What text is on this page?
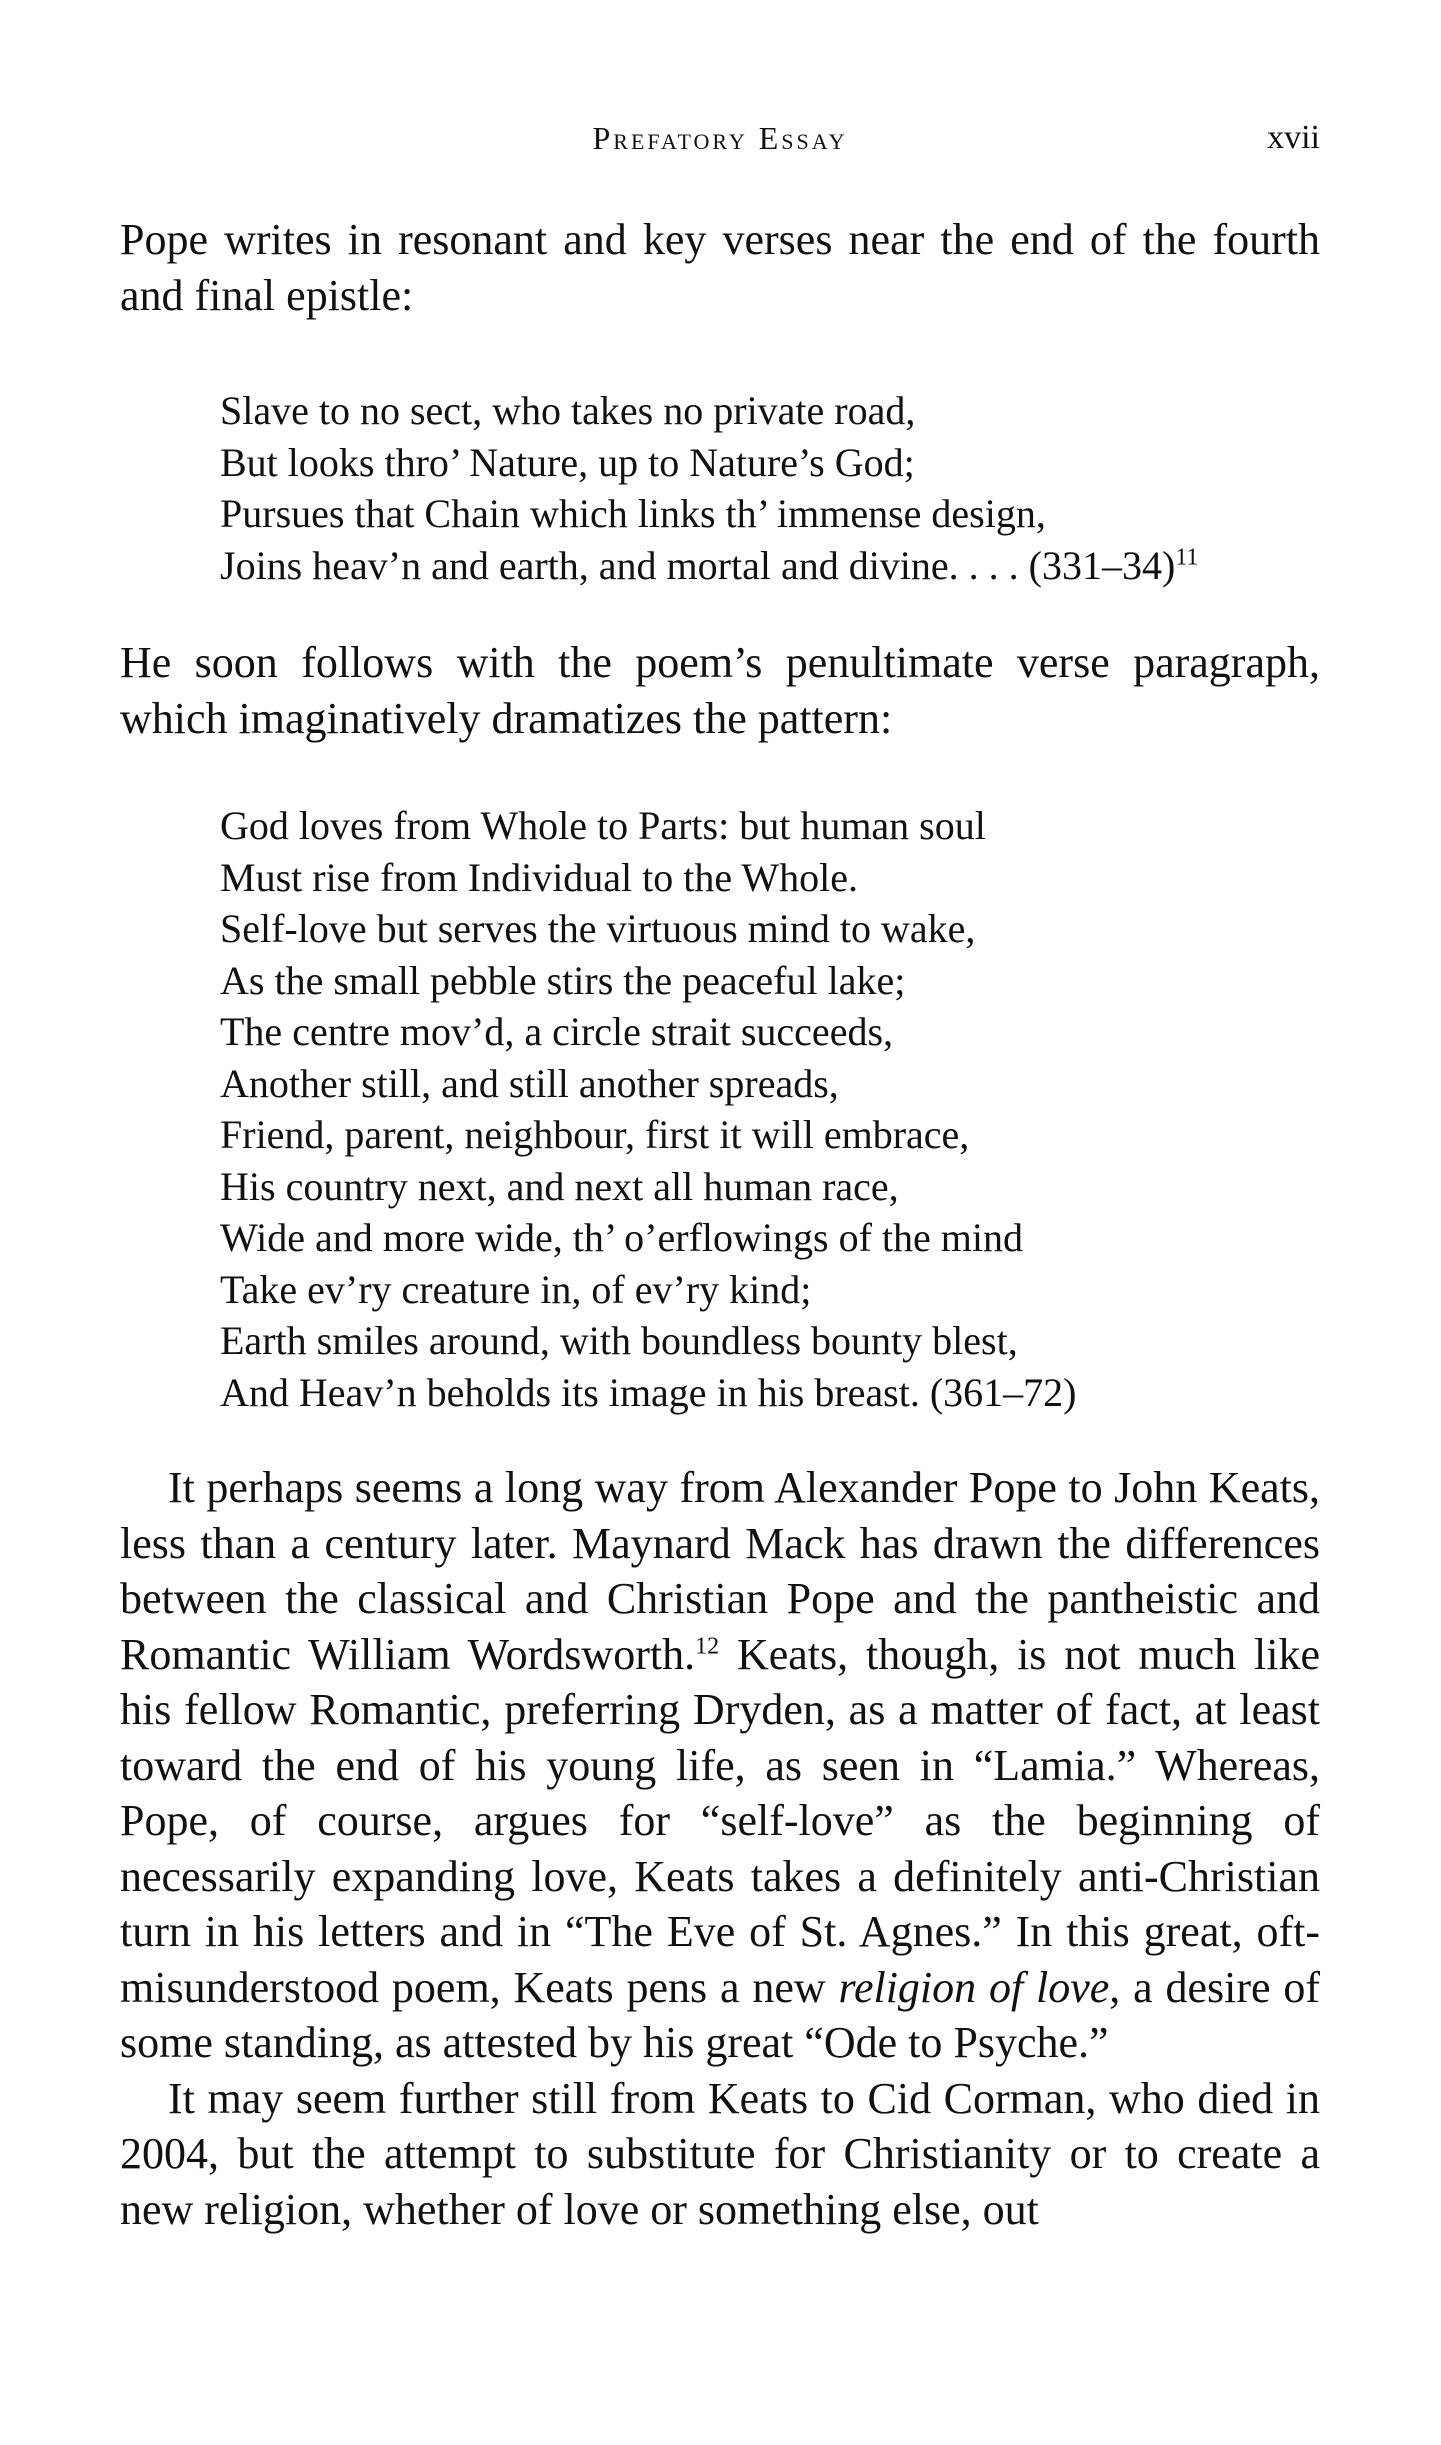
Prefatory Essay	xvii

Pope writes in resonant and key verses near the end of the fourth and final epistle:

Slave to no sect, who takes no private road,
But looks thro’ Nature, up to Nature’s God;
Pursues that Chain which links th’ immense design,
Joins heav’n and earth, and mortal and divine. . . . $(331-34)^{11}$

He soon follows with the poem’s penultimate verse paragraph, which imaginatively dramatizes the pattern:

God loves from Whole to Parts: but human soul
Must rise from Individual to the Whole.
Self-love but serves the virtuous mind to wake,
As the small pebble stirs the peaceful lake;
The centre mov’d, a circle strait succeeds,
Another still, and still another spreads,
Friend, parent, neighbour, first it will embrace,
His country next, and next all human race,
Wide and more wide, th’ o’erflowings of the mind
Take ev’ry creature in, of ev’ry kind;
Earth smiles around, with boundless bounty blest,
And Heav’n beholds its image in his breast. (361–72)

It perhaps seems a long way from Alexander Pope to John Keats, less than a century later. Maynard Mack has drawn the differences between the classical and Christian Pope and the pantheistic and Romantic William Wordsworth.$^{12}$ Keats, though, is not much like his fellow Romantic, preferring Dryden, as a matter of fact, at least toward the end of his young life, as seen in “Lamia.” Whereas, Pope, of course, argues for “self-love” as the beginning of necessarily expanding love, Keats takes a definitely anti-Christian turn in his letters and in “The Eve of St. Agnes.” In this great, oft-misunderstood poem, Keats pens a new religion of love, a desire of some standing, as attested by his great “Ode to Psyche.”

It may seem further still from Keats to Cid Corman, who died in 2004, but the attempt to substitute for Christianity or to create a new religion, whether of love or something else, out
